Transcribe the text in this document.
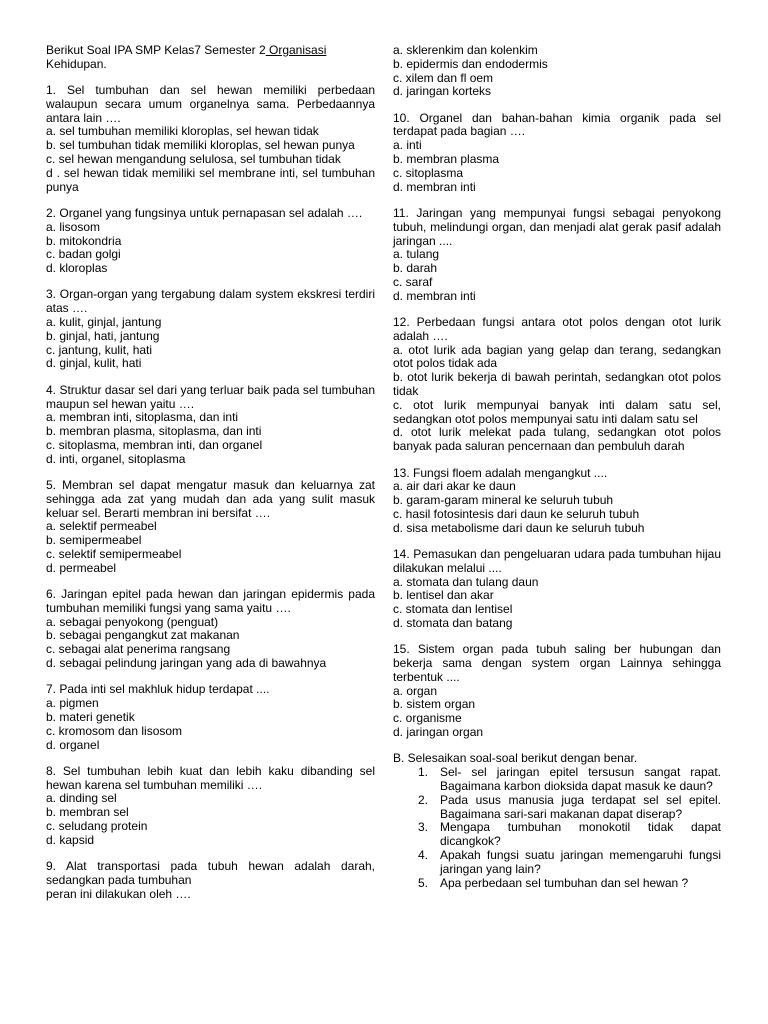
Berikut Soal IPA SMP Kelas7 Semester 2 Organisasi

Kehidupan.

1. Sel tumbuhan dan sel hewan memiliki perbedaan walaupun secara umum organelnya sama. Perbedaannya antara lain ….

a. sel tumbuhan memiliki kloroplas, sel hewan tidak

b. sel tumbuhan tidak memiliki kloroplas, sel hewan punya

c. sel hewan mengandung selulosa, sel tumbuhan tidak

d . sel hewan tidak memiliki sel membrane inti, sel tumbuhan punya

2. Organel yang fungsinya untuk pernapasan sel adalah ….

a. lisosom

b. mitokondria

c. badan golgi

d. kloroplas

3. Organ-organ yang tergabung dalam system ekskresi terdiri atas ….

a. kulit, ginjal, jantung

b. ginjal, hati, jantung

c. jantung, kulit, hati

d. ginjal, kulit, hati

4. Struktur dasar sel dari yang terluar baik pada sel tumbuhan maupun sel hewan yaitu ….

a. membran inti, sitoplasma, dan inti

b. membran plasma, sitoplasma, dan inti

c. sitoplasma, membran inti, dan organel

d. inti, organel, sitoplasma

5. Membran sel dapat mengatur masuk dan keluarnya zat sehingga ada zat yang mudah dan ada yang sulit masuk keluar sel. Berarti membran ini bersifat ….

a. selektif permeabel

b. semipermeabel

c. selektif semipermeabel

d. permeabel

6. Jaringan epitel pada hewan dan jaringan epidermis pada tumbuhan memiliki fungsi yang sama yaitu ….

a. sebagai penyokong (penguat)

b. sebagai pengangkut zat makanan

c. sebagai alat penerima rangsang

d. sebagai pelindung jaringan yang ada di bawahnya

7. Pada inti sel makhluk hidup terdapat ....

a. pigmen

b. materi genetik

c. kromosom dan lisosom

d. organel

8. Sel tumbuhan lebih kuat dan lebih kaku dibanding sel hewan karena sel tumbuhan memiliki ….

a. dinding sel

b. membran sel

c. seludang protein

d. kapsid

9. Alat transportasi pada tubuh hewan adalah darah, sedangkan pada tumbuhan

peran ini dilakukan oleh ….

a. sklerenkim dan kolenkim

b. epidermis dan endodermis

c. xilem dan fl oem

d. jaringan korteks

10. Organel dan bahan-bahan kimia organik pada sel terdapat pada bagian ….

a. inti

b. membran plasma

c. sitoplasma

d. membran inti

11. Jaringan yang mempunyai fungsi sebagai penyokong tubuh, melindungi organ, dan menjadi alat gerak pasif adalah jaringan ....

a. tulang

b. darah

c. saraf

d. membran inti

12. Perbedaan fungsi antara otot polos dengan otot lurik adalah ….

a. otot lurik ada bagian yang gelap dan terang, sedangkan otot polos tidak ada

b. otot lurik bekerja di bawah perintah, sedangkan otot polos tidak

c. otot lurik mempunyai banyak inti dalam satu sel, sedangkan otot polos mempunyai satu inti dalam satu sel

d. otot lurik melekat pada tulang, sedangkan otot polos banyak pada saluran pencernaan dan pembuluh darah

13. Fungsi floem adalah mengangkut ....

a. air dari akar ke daun

b. garam-garam mineral ke seluruh tubuh

c. hasil fotosintesis dari daun ke seluruh tubuh

d. sisa metabolisme dari daun ke seluruh tubuh

14. Pemasukan dan pengeluaran udara pada tumbuhan hijau dilakukan melalui ....

a. stomata dan tulang daun

b. lentisel dan akar

c. stomata dan lentisel

d. stomata dan batang

15. Sistem organ pada tubuh saling ber hubungan dan bekerja sama dengan system organ Lainnya sehingga terbentuk ....

a. organ

b. sistem organ

c. organisme

d. jaringan organ

B. Selesaikan soal-soal berikut dengan benar.

1. Sel- sel jaringan epitel tersusun sangat rapat. Bagaimana karbon dioksida dapat masuk ke daun?
2. Pada usus manusia juga terdapat sel sel epitel. Bagaimana sari-sari makanan dapat diserap?
3. Mengapa tumbuhan monokotil tidak dapat dicangkok?
4. Apakah fungsi suatu jaringan memengaruhi fungsi jaringan yang lain?
5. Apa perbedaan sel tumbuhan dan sel hewan ?
